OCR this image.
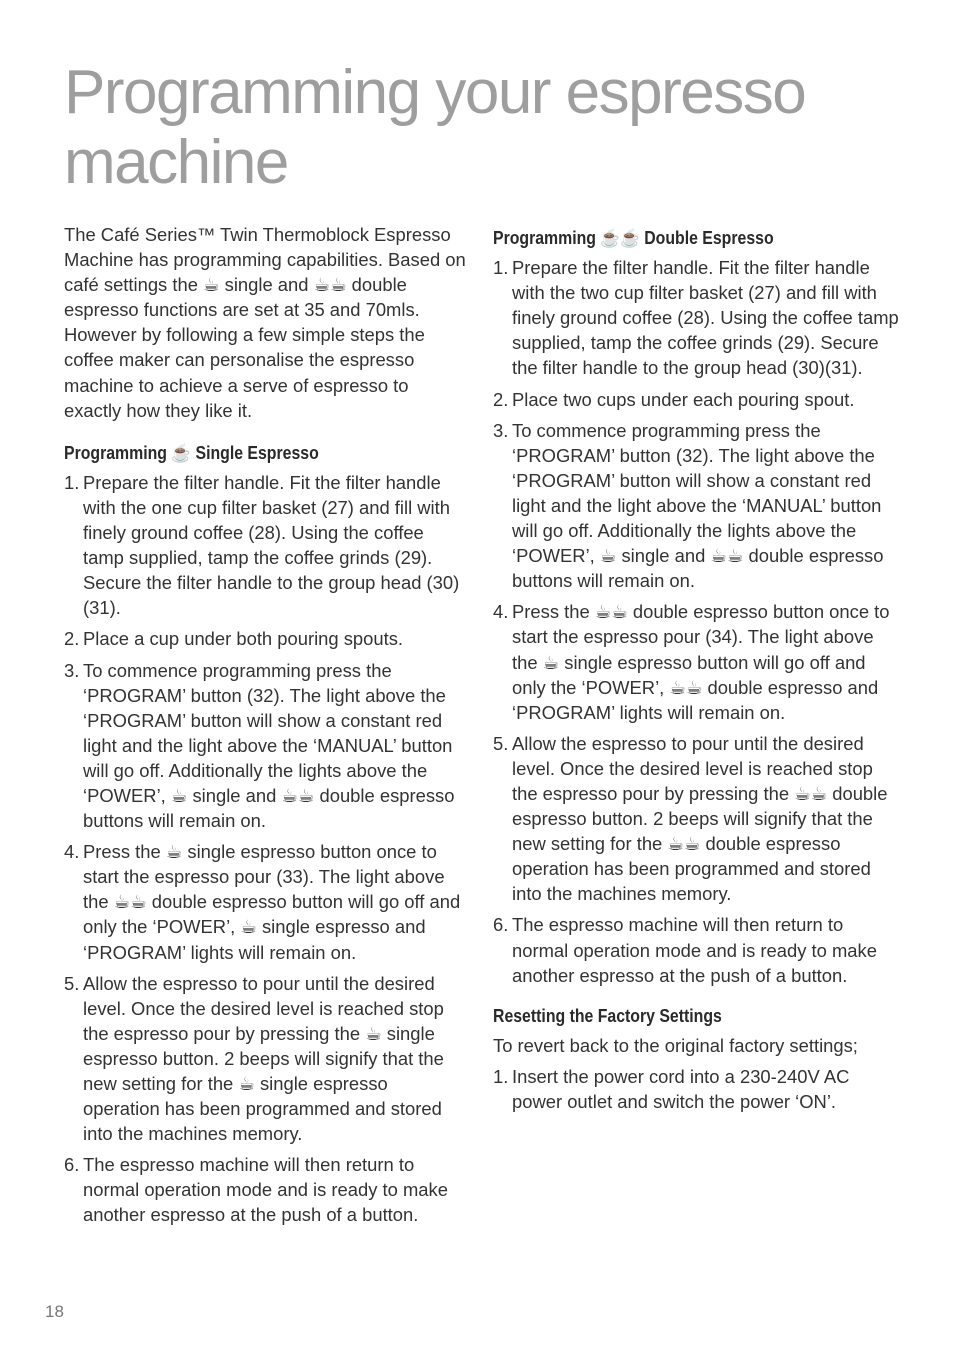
Programming your espresso machine

The Café Series™ Twin Thermoblock Espresso Machine has programming capabilities. Based on café settings the ☕ single and ☕☕ double espresso functions are set at 35 and 70mls. However by following a few simple steps the coffee maker can personalise the espresso machine to achieve a serve of espresso to exactly how they like it.

Programming ☕ Single Espresso

1. Prepare the filter handle. Fit the filter handle with the one cup filter basket (27) and fill with finely ground coffee (28). Using the coffee tamp supplied, tamp the coffee grinds (29). Secure the filter handle to the group head (30)(31).
2. Place a cup under both pouring spouts.
3. To commence programming press the ‘PROGRAM’ button (32). The light above the ‘PROGRAM’ button will show a constant red light and the light above the ‘MANUAL’ button will go off. Additionally the lights above the ‘POWER’, ☕ single and ☕☕ double espresso buttons will remain on.
4. Press the ☕ single espresso button once to start the espresso pour (33). The light above the ☕☕ double espresso button will go off and only the ‘POWER’, ☕ single espresso and ‘PROGRAM’ lights will remain on.
5. Allow the espresso to pour until the desired level. Once the desired level is reached stop the espresso pour by pressing the ☕ single espresso button. 2 beeps will signify that the new setting for the ☕ single espresso operation has been programmed and stored into the machines memory.
6. The espresso machine will then return to normal operation mode and is ready to make another espresso at the push of a button.

Programming ☕☕ Double Espresso

1. Prepare the filter handle. Fit the filter handle with the two cup filter basket (27) and fill with finely ground coffee (28). Using the coffee tamp supplied, tamp the coffee grinds (29). Secure the filter handle to the group head (30)(31).
2. Place two cups under each pouring spout.
3. To commence programming press the ‘PROGRAM’ button (32). The light above the ‘PROGRAM’ button will show a constant red light and the light above the ‘MANUAL’ button will go off. Additionally the lights above the ‘POWER’, ☕ single and ☕☕ double espresso buttons will remain on.
4. Press the ☕☕ double espresso button once to start the espresso pour (34). The light above the ☕ single espresso button will go off and only the ‘POWER’, ☕☕ double espresso and ‘PROGRAM’ lights will remain on.
5. Allow the espresso to pour until the desired level. Once the desired level is reached stop the espresso pour by pressing the ☕☕ double espresso button. 2 beeps will signify that the new setting for the ☕☕ double espresso operation has been programmed and stored into the machines memory.
6. The espresso machine will then return to normal operation mode and is ready to make another espresso at the push of a button.

Resetting the Factory Settings

To revert back to the original factory settings;

1. Insert the power cord into a 230-240V AC power outlet and switch the power ‘ON’.
18
